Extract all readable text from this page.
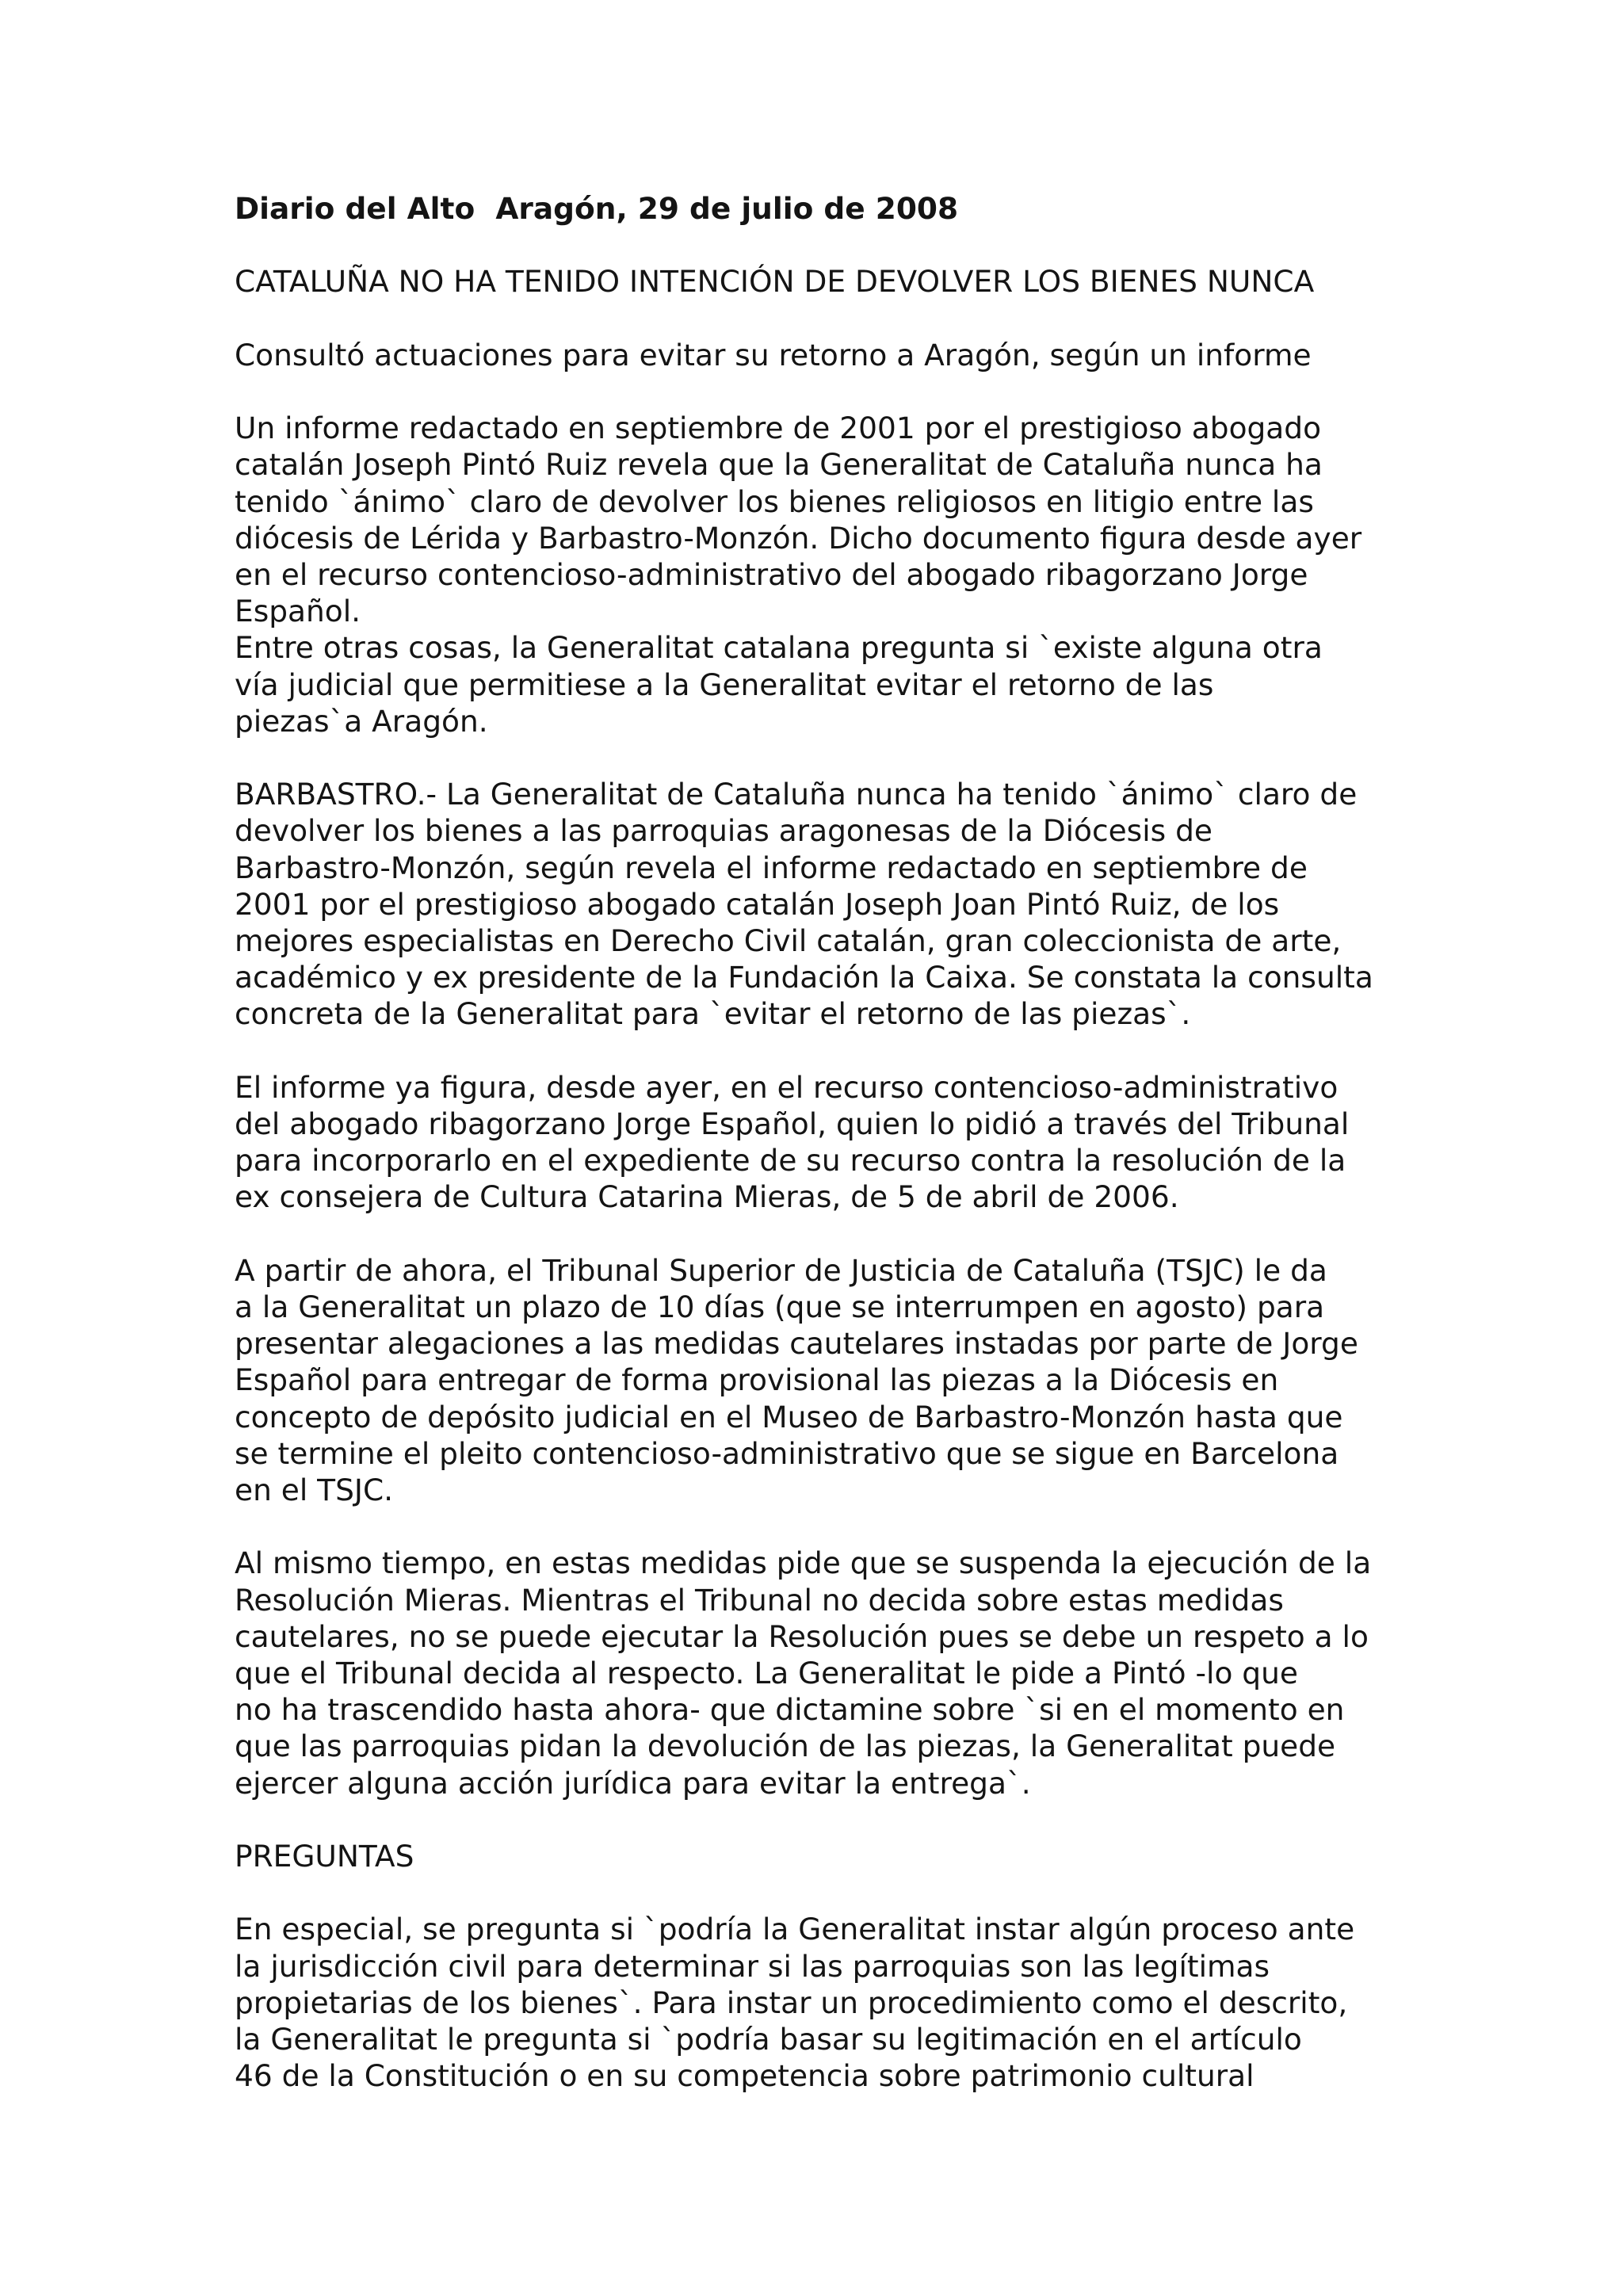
Diario del Alto  Aragón, 29 de julio de 2008
CATALUÑA NO HA TENIDO INTENCIÓN DE DEVOLVER LOS BIENES NUNCA
Consultó actuaciones para evitar su retorno a Aragón, según un informe
Un informe redactado en septiembre de 2001 por el prestigioso abogado
catalán Joseph Pintó Ruiz revela que la Generalitat de Cataluña nunca ha
tenido `ánimo` claro de devolver los bienes religiosos en litigio entre las
diócesis de Lérida y Barbastro-Monzón. Dicho documento figura desde ayer
en el recurso contencioso-administrativo del abogado ribagorzano Jorge
Español.
Entre otras cosas, la Generalitat catalana pregunta si `existe alguna otra
vía judicial que permitiese a la Generalitat evitar el retorno de las
piezas`a Aragón.
BARBASTRO.- La Generalitat de Cataluña nunca ha tenido `ánimo` claro de
devolver los bienes a las parroquias aragonesas de la Diócesis de
Barbastro-Monzón, según revela el informe redactado en septiembre de
2001 por el prestigioso abogado catalán Joseph Joan Pintó Ruiz, de los
mejores especialistas en Derecho Civil catalán, gran coleccionista de arte,
académico y ex presidente de la Fundación la Caixa. Se constata la consulta
concreta de la Generalitat para `evitar el retorno de las piezas`.
El informe ya figura, desde ayer, en el recurso contencioso-administrativo
del abogado ribagorzano Jorge Español, quien lo pidió a través del Tribunal
para incorporarlo en el expediente de su recurso contra la resolución de la
ex consejera de Cultura Catarina Mieras, de 5 de abril de 2006.
A partir de ahora, el Tribunal Superior de Justicia de Cataluña (TSJC) le da
a la Generalitat un plazo de 10 días (que se interrumpen en agosto) para
presentar alegaciones a las medidas cautelares instadas por parte de Jorge
Español para entregar de forma provisional las piezas a la Diócesis en
concepto de depósito judicial en el Museo de Barbastro-Monzón hasta que
se termine el pleito contencioso-administrativo que se sigue en Barcelona
en el TSJC.
Al mismo tiempo, en estas medidas pide que se suspenda la ejecución de la
Resolución Mieras. Mientras el Tribunal no decida sobre estas medidas
cautelares, no se puede ejecutar la Resolución pues se debe un respeto a lo
que el Tribunal decida al respecto. La Generalitat le pide a Pintó -lo que
no ha trascendido hasta ahora- que dictamine sobre `si en el momento en
que las parroquias pidan la devolución de las piezas, la Generalitat puede
ejercer alguna acción jurídica para evitar la entrega`.
PREGUNTAS
En especial, se pregunta si `podría la Generalitat instar algún proceso ante
la jurisdicción civil para determinar si las parroquias son las legítimas
propietarias de los bienes`. Para instar un procedimiento como el descrito,
la Generalitat le pregunta si `podría basar su legitimación en el artículo
46 de la Constitución o en su competencia sobre patrimonio cultural
